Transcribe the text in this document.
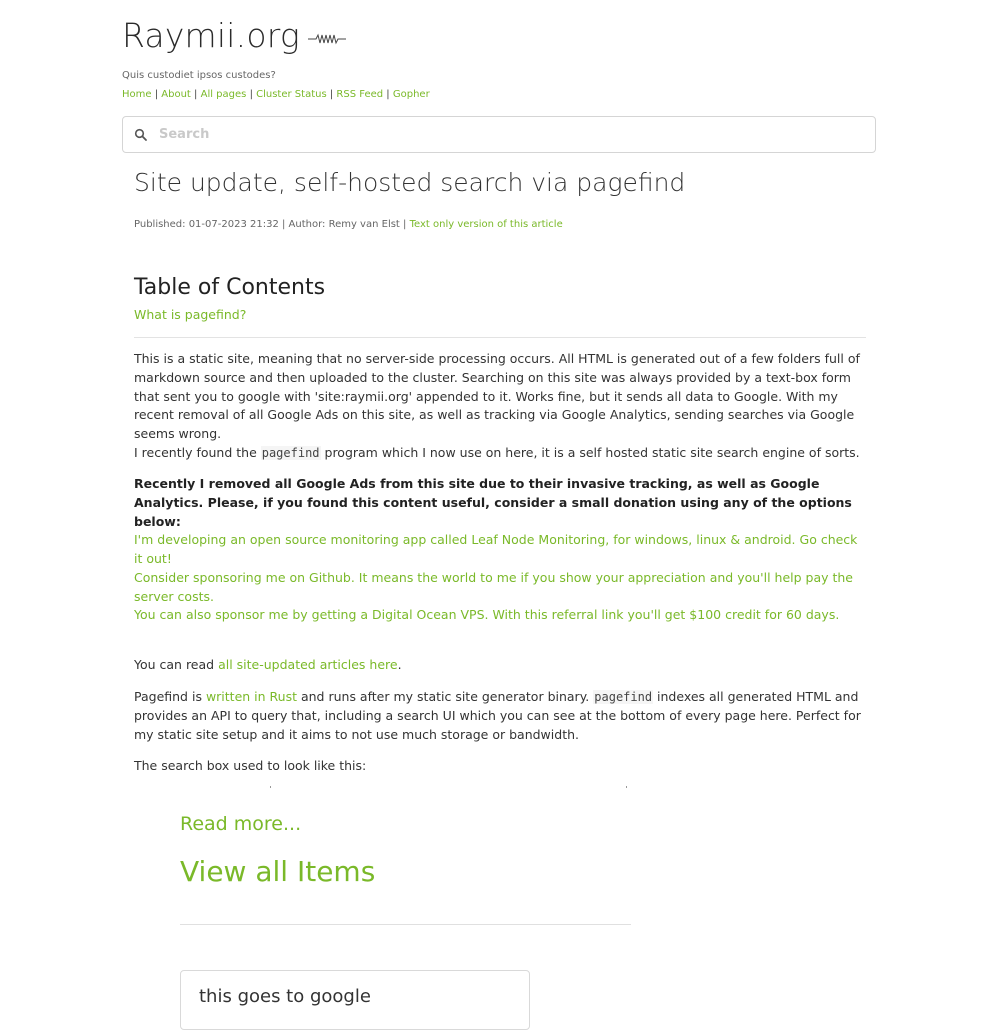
Raymii.org
Quis custodiet ipsos custodes?
Home | About | All pages | Cluster Status | RSS Feed | Gopher
Search
Site update, self-hosted search via pagefind
Published: 01-07-2023 21:32 | Author: Remy van Elst | Text only version of this article
Table of Contents
What is pagefind?

This is a static site, meaning that no server-side processing occurs. All HTML is generated out of a few folders full of markdown source and then uploaded to the cluster. Searching on this site was always provided by a text-box form that sent you to google with 'site:raymii.org' appended to it. Works fine, but it sends all data to Google. With my recent removal of all Google Ads on this site, as well as tracking via Google Analytics, sending searches via Google seems wrong.

I recently found the pagefind program which I now use on here, it is a self hosted static site search engine of sorts.

Recently I removed all Google Ads from this site due to their invasive tracking, as well as Google Analytics. Please, if you found this content useful, consider a small donation using any of the options below:

I'm developing an open source monitoring app called Leaf Node Monitoring, for windows, linux & android. Go check it out!

Consider sponsoring me on Github. It means the world to me if you show your appreciation and you'll help pay the server costs.

You can also sponsor me by getting a Digital Ocean VPS. With this referral link you'll get $100 credit for 60 days.

You can read all site-updated articles here.

Pagefind is written in Rust and runs after my static site generator binary. pagefind indexes all generated HTML and provides an API to query that, including a search UI which you can see at the bottom of every page here. Perfect for my static site setup and it aims to not use much storage or bandwidth.

The search box used to look like this:

Read more...
View all Items
this goes to google
